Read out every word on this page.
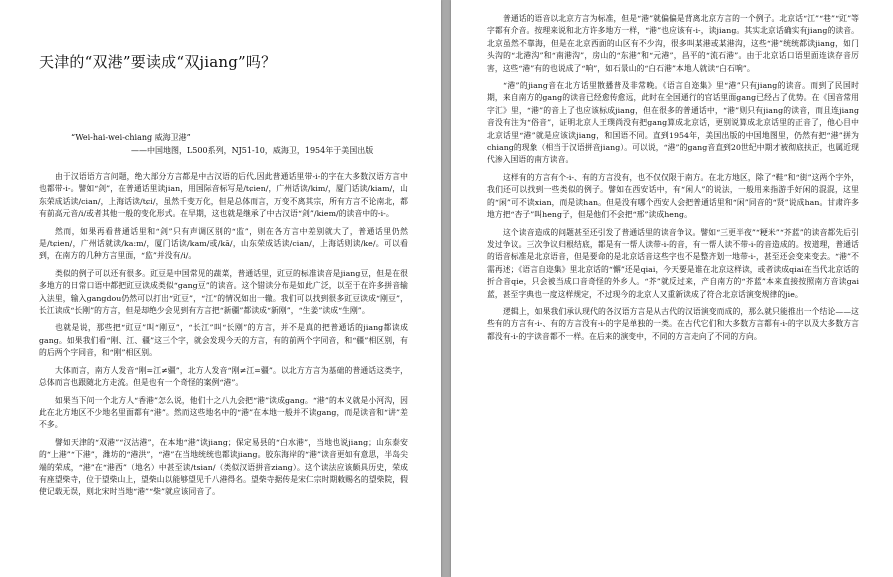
天津的“双港”要读成“双jiang”吗？
“Wei-hai-wei-chiang 威海卫港”
——中国地图，L500系列，NJ51-10，威海卫，1954年于美国出版

由于汉语语方言问题，绝大部分方言都是中古汉语的后代,因此普通话里带-i-的字在大多数汉语方言中也都带-i-。譬如“剑”，在普通话里读jian，用国际音标写是/tɕien/，广州话读/kim/，厦门话读/kiam/，山东荣成话读/cian/，上海话读/tɕi/，虽然千变万化，但是总体而言，万变不离其宗，所有方言不论南北，都有前高元音/i/或者其他一般的变化形式。在早期，这也就是继承了中古汉语“剑”/kiem/的读音中的-i-。

然而，如果再看普通话里和“剑”只有声调区别的“监”，则在各方言中差别就大了，普通话里仍然是/tɕien/，广州话就读/ka:m/，厦门话读/kam/或/kā/，山东荣成话读/cian/，上海话则读/ke/。可以看到，在南方的几种方言里面，“监”并没有/i/。

类似的例子可以还有很多。豇豆是中国常见的蔬菜，普通话里，豇豆的标准读音是jiang豆，但是在很多地方的日常口语中都把豇豆读成类似“gang豆”的读音。这个错读分布是如此广泛，以至于在许多拼音输入法里，输入gangdou仍然可以打出“豇豆”，“江”的情况如出一辙。我们可以找到很多豇豆读成“刚豆”，长江读成“长刚”的方言，但是却绝少会见到有方言把“新疆”都读成“新刚”，“生姜”读成“生刚”。

也就是说，那些把“豇豆”叫“刚豆”，“长江”叫“长刚”的方言，并不是真的把普通话的jiang都读成gang。如果我们看“刚、江、疆”这三个字，就会发现今天的方言，有的前两个字同音，和“疆”相区别，有的后两个字同音，和“刚”相区别。

大体而言，南方人发音“刚=江≠疆”，北方人发音“刚≠江=疆”。以北方方言为基础的普通话这类字，总体而言也跟随北方走流。但是也有一个奇怪的案例“港”。

如果当下问一个北方人“香港”怎么说，他们十之八九会把“港”读成gang。“港”的本义就是小河沟，因此在北方地区不少地名里面都有“港”。然而这些地名中的“港”在本地一般并不读gang，而是读音和“讲”差不多。

譬如天津的“双港”“汉沽港”，在本地“港”读jiang；保定易县的“白水港”，当地也说jiang；山东泰安的“上港”“下港”，潍坊的“港洪”，“港”在当地统统也都读jiang。胶东海岸的“港”读音更如有意思，半岛尖端的荣成，“港”在“港西”（地名）中甚至读/tsian/（类似汉语拼音ziang）。这个读法应该颇具历史，荣成有座望柴寺，位于望柴山上，望柴山以能够望见千八港得名。望柴寺据传是宋仁宗时期敕赐名的望柴院，假使记载无误，则北宋时当地“港”“柴”就应该同音了。

普通话的语音以北京方言为标准，但是“港”就偏偏是背离北京方言的一个例子。北京话“江”“巷”“豇”等字都有介音。按理来说和北方许多地方一样，“港”也应该有-i-，读jiang。其实北京话确实有jiang的读音。北京虽然不靠海，但是在北京西面的山区有不少沟，很多叫某港或某港沟，这些“港”统统都读jiang，如门头沟的“北港沟”和“南港沟”，房山的“东港”和“元港”，昌平的“流石港”。由于北京话口语里面连读存音厉害，这些“港”有的也说成了“响”，如石景山的“白石港”本地人就读“白石响”。

“港”的jiang音在北方话里散播普及非常晚。《语言自迩集》里“港”只有jiang的读音。而到了民国时期，来自南方的gang的读音已经愈传愈远，此时在全国通行的官话里面gang已经占了优势。在《国音常用字汇》里，“港”的音上了也应该标成jiang，但在很多的普通话中，“港”则只有jiang的读音，而且连jiang音没有注为“俗音”，证明北京人王璞尚没有把gang算成北京话，更别说算成北京话里的正音了，他心目中北京话里“港”就是应该读jiang，和国语不同。直到1954年，美国出版的中国地图里，仍然有把“港”拼为chiang的现象（相当于汉语拼音jiang）。可以说，“港”的gang音直到20世纪中期才被彻底扶正，也属近现代渗入国语的南方读音。

这样有的方言有个-i-、有的方言没有，也不仅仅限于南方。在北方地区，除了“鞋”和“街”这两个字外，我们还可以找到一些类似的例子。譬如在西安话中，有“闲人”的说法，一般用来指游手好闲的混混，这里的“闲”可不读xian，而是读han。但是没有哪个西安人会把普通话里和“闲”同音的“贤”说成han。甘肃许多地方把“杏子”叫heng子，但是他们不会把“邢”读成heng。

这个读音造成的问题甚至还引发了普通话里的读音争议。譬如“三更半夜”“粳米”“芥蓝”的读音都先后引发过争议。三次争议归根结底，都是有一帮人读带-i-的音，有一帮人读不带-i-的音造成的。按道理，普通话的语音标准是北京语音，但是要命的是北京话音这些字也不是整齐划一地带-i-，甚至还会变来变去。“港”不需再述；《语言自迩集》里北京话的“懈”还是qiai，今天要是谁在北京这样读，或者读成qiai在当代北京话的折合音qie，只会被当成口音奇怪的外乡人。“芥”就反过来，产自南方的“芥蓝”本来直接按照南方音读gai蓝，甚至字典也一度这样规定，不过现今的北京人又重新读成了符合北京话演变规律的jie。

逻辑上，如果我们承认现代的各汉语方言是从古代的汉语演变而成的，那么就只能推出一个结论——这些有的方言有-i-、有的方言没有-i-的字是单独的一类。在古代它们和大多数方言都有-i-的字以及大多数方言都没有-i-的字读音都不一样。在后来的演变中，不同的方言走向了不同的方向。
